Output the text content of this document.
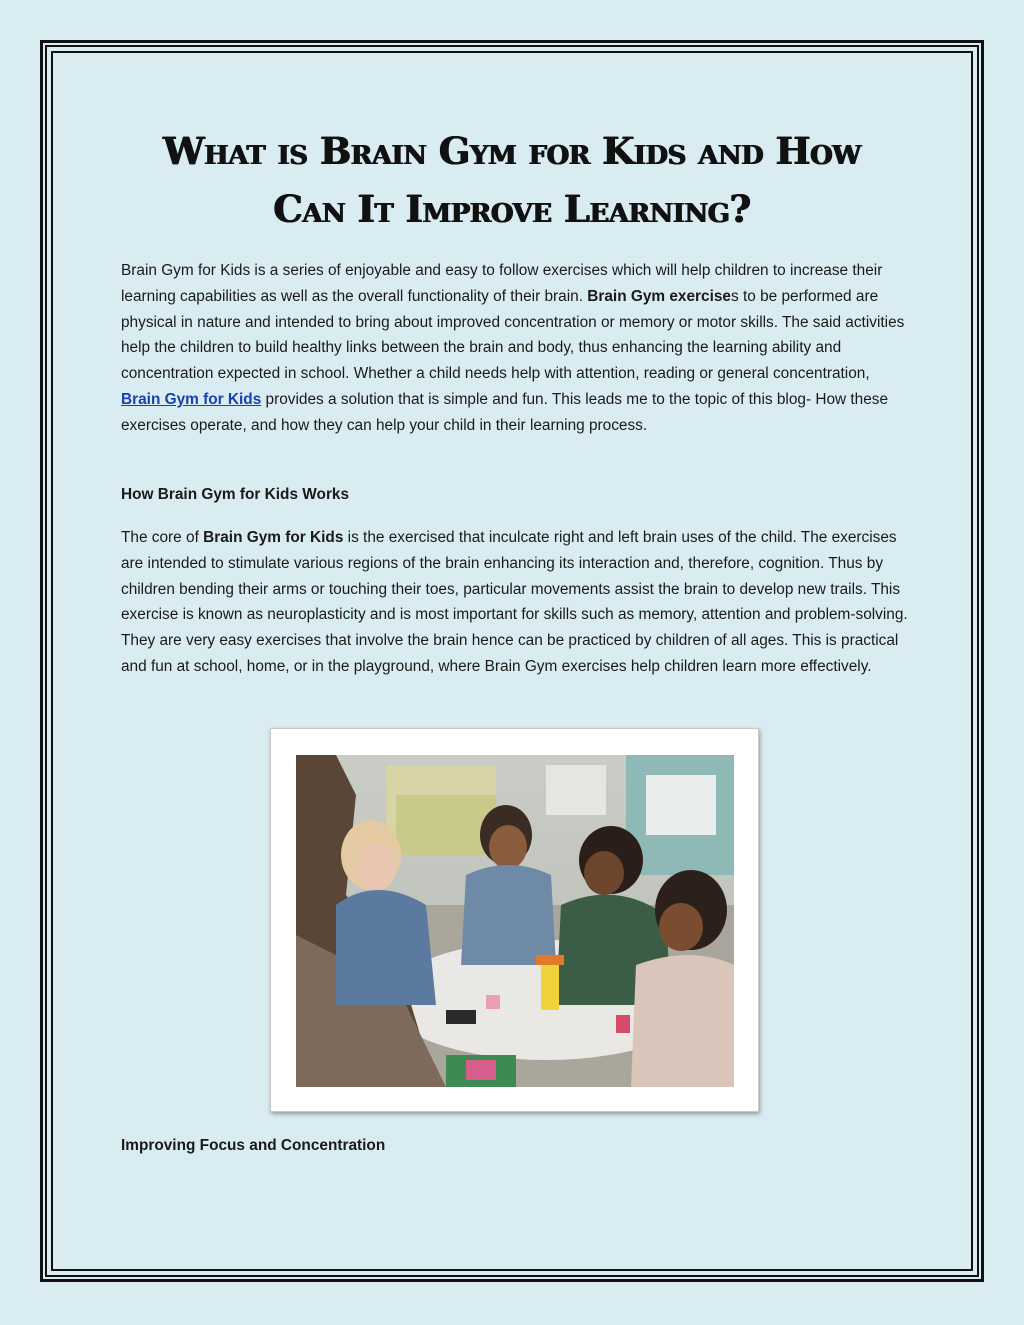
What is Brain Gym for Kids and How
Can It Improve Learning?

Brain Gym for Kids is a series of enjoyable and easy to follow exercises which will help children to increase their learning capabilities as well as the overall functionality of their brain. Brain Gym exercises to be performed are physical in nature and intended to bring about improved concentration or memory or motor skills. The said activities help the children to build healthy links between the brain and body, thus enhancing the learning ability and concentration expected in school. Whether a child needs help with attention, reading or general concentration, Brain Gym for Kids provides a solution that is simple and fun. This leads me to the topic of this blog- How these exercises operate, and how they can help your child in their learning process.

How Brain Gym for Kids Works

The core of Brain Gym for Kids is the exercised that inculcate right and left brain uses of the child. The exercises are intended to stimulate various regions of the brain enhancing its interaction and, therefore, cognition. Thus by children bending their arms or touching their toes, particular movements assist the brain to develop new trails. This exercise is known as neuroplasticity and is most important for skills such as memory, attention and problem-solving. They are very easy exercises that involve the brain hence can be practiced by children of all ages. This is practical and fun at school, home, or in the playground, where Brain Gym exercises help children learn more effectively.

Improving Focus and Concentration
